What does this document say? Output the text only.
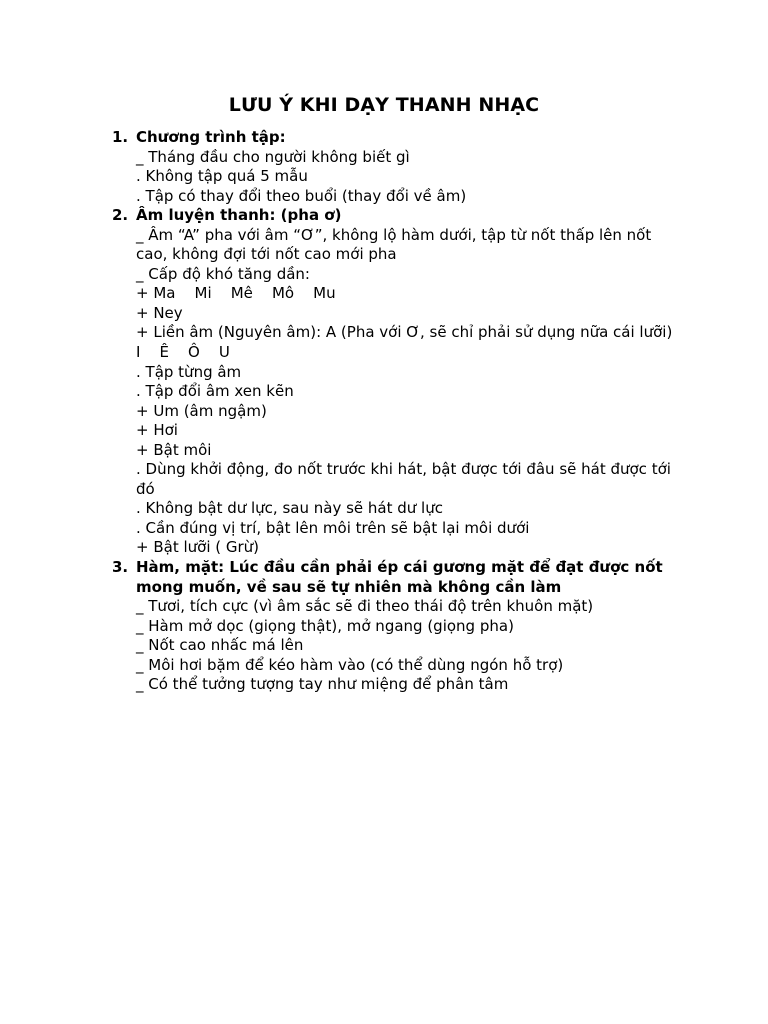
LƯU Ý KHI DẠY THANH NHẠC
1. Chương trình tập:
_ Tháng đầu cho người không biết gì
. Không tập quá 5 mẫu
. Tập có thay đổi theo buổi (thay đổi về âm)
2. Âm luyện thanh: (pha ơ)
_ Âm “A” pha với âm “Ơ”, không lộ hàm dưới, tập từ nốt thấp lên nốt cao, không đợi tới nốt cao mới pha
_ Cấp độ khó tăng dần:
+ Ma    Mi    Mê    Mô    Mu
+ Ney
+ Liền âm (Nguyên âm): A (Pha với Ơ, sẽ chỉ phải sử dụng nữa cái lưỡi)
I    Ê    Ô    U
. Tập từng âm
. Tập đổi âm xen kẽn
+ Um (âm ngậm)
+ Hơi
+ Bật môi
. Dùng khởi động, đo nốt trước khi hát, bật được tới đâu sẽ hát được tới đó
. Không bật dư lực, sau này sẽ hát dư lực
. Cần đúng vị trí, bật lên môi trên sẽ bật lại môi dưới
+ Bật lưỡi ( Grừ)
3. Hàm, mặt: Lúc đầu cần phải ép cái gương mặt để đạt được nốt mong muốn, về sau sẽ tự nhiên mà không cần làm
_ Tươi, tích cực (vì âm sắc sẽ đi theo thái độ trên khuôn mặt)
_ Hàm mở dọc (giọng thật), mở ngang (giọng pha)
_ Nốt cao nhấc má lên
_ Môi hơi bặm để kéo hàm vào (có thể dùng ngón hỗ trợ)
_ Có thể tưởng tượng tay như miệng để phân tâm
